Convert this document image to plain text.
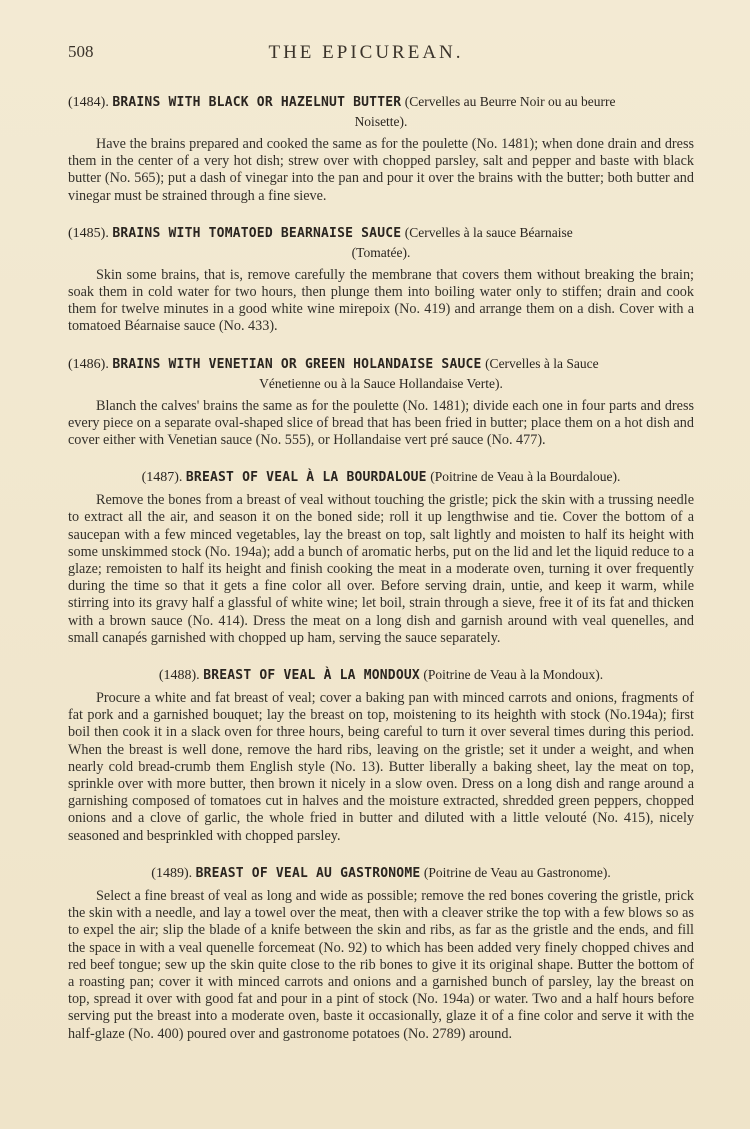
508	THE EPICUREAN.
(1484). BRAINS WITH BLACK OR HAZELNUT BUTTER (Cervelles au Beurre Noir ou au beurre
Noisette).

Have the brains prepared and cooked the same as for the poulette (No. 1481); when done drain and dress them in the center of a very hot dish; strew over with chopped parsley, salt and pepper and baste with black butter (No. 565); put a dash of vinegar into the pan and pour it over the brains with the butter; both butter and vinegar must be strained through a fine sieve.

(1485). BRAINS WITH TOMATOED BEARNAISE SAUCE (Cervelles à la sauce Béarnaise
(Tomatée).

Skin some brains, that is, remove carefully the membrane that covers them without breaking the brain; soak them in cold water for two hours, then plunge them into boiling water only to stiffen; drain and cook them for twelve minutes in a good white wine mirepoix (No. 419) and arrange them on a dish. Cover with a tomatoed Béarnaise sauce (No. 433).

(1486). BRAINS WITH VENETIAN OR GREEN HOLANDAISE SAUCE (Cervelles à la Sauce
Vénetienne ou à la Sauce Hollandaise Verte).

Blanch the calves' brains the same as for the poulette (No. 1481); divide each one in four parts and dress every piece on a separate oval-shaped slice of bread that has been fried in butter; place them on a hot dish and cover either with Venetian sauce (No. 555), or Hollandaise vert pré sauce (No. 477).

(1487). BREAST OF VEAL À LA BOURDALOUE (Poitrine de Veau à la Bourdaloue).

Remove the bones from a breast of veal without touching the gristle; pick the skin with a trussing needle to extract all the air, and season it on the boned side; roll it up lengthwise and tie. Cover the bottom of a saucepan with a few minced vegetables, lay the breast on top, salt lightly and moisten to half its height with some unskimmed stock (No. 194a); add a bunch of aromatic herbs, put on the lid and let the liquid reduce to a glaze; remoisten to half its height and finish cooking the meat in a moderate oven, turning it over frequently during the time so that it gets a fine color all over. Before serving drain, untie, and keep it warm, while stirring into its gravy half a glassful of white wine; let boil, strain through a sieve, free it of its fat and thicken with a brown sauce (No. 414). Dress the meat on a long dish and garnish around with veal quenelles, and small canapés garnished with chopped up ham, serving the sauce separately.

(1488). BREAST OF VEAL À LA MONDOUX (Poitrine de Veau à la Mondoux).

Procure a white and fat breast of veal; cover a baking pan with minced carrots and onions, fragments of fat pork and a garnished bouquet; lay the breast on top, moistening to its heighth with stock (No.194a); first boil then cook it in a slack oven for three hours, being careful to turn it over several times during this period. When the breast is well done, remove the hard ribs, leaving on the gristle; set it under a weight, and when nearly cold bread-crumb them English style (No. 13). Butter liberally a baking sheet, lay the meat on top, sprinkle over with more butter, then brown it nicely in a slow oven. Dress on a long dish and range around a garnishing composed of tomatoes cut in halves and the moisture extracted, shredded green peppers, chopped onions and a clove of garlic, the whole fried in butter and diluted with a little velouté (No. 415), nicely seasoned and besprinkled with chopped parsley.

(1489). BREAST OF VEAL AU GASTRONOME (Poitrine de Veau au Gastronome).

Select a fine breast of veal as long and wide as possible; remove the red bones covering the gristle, prick the skin with a needle, and lay a towel over the meat, then with a cleaver strike the top with a few blows so as to expel the air; slip the blade of a knife between the skin and ribs, as far as the gristle and the ends, and fill the space in with a veal quenelle forcemeat (No. 92) to which has been added very finely chopped chives and red beef tongue; sew up the skin quite close to the rib bones to give it its original shape. Butter the bottom of a roasting pan; cover it with minced carrots and onions and a garnished bunch of parsley, lay the breast on top, spread it over with good fat and pour in a pint of stock (No. 194a) or water. Two and a half hours before serving put the breast into a moderate oven, baste it occasionally, glaze it of a fine color and serve it with the half-glaze (No. 400) poured over and gastronome potatoes (No. 2789) around.
